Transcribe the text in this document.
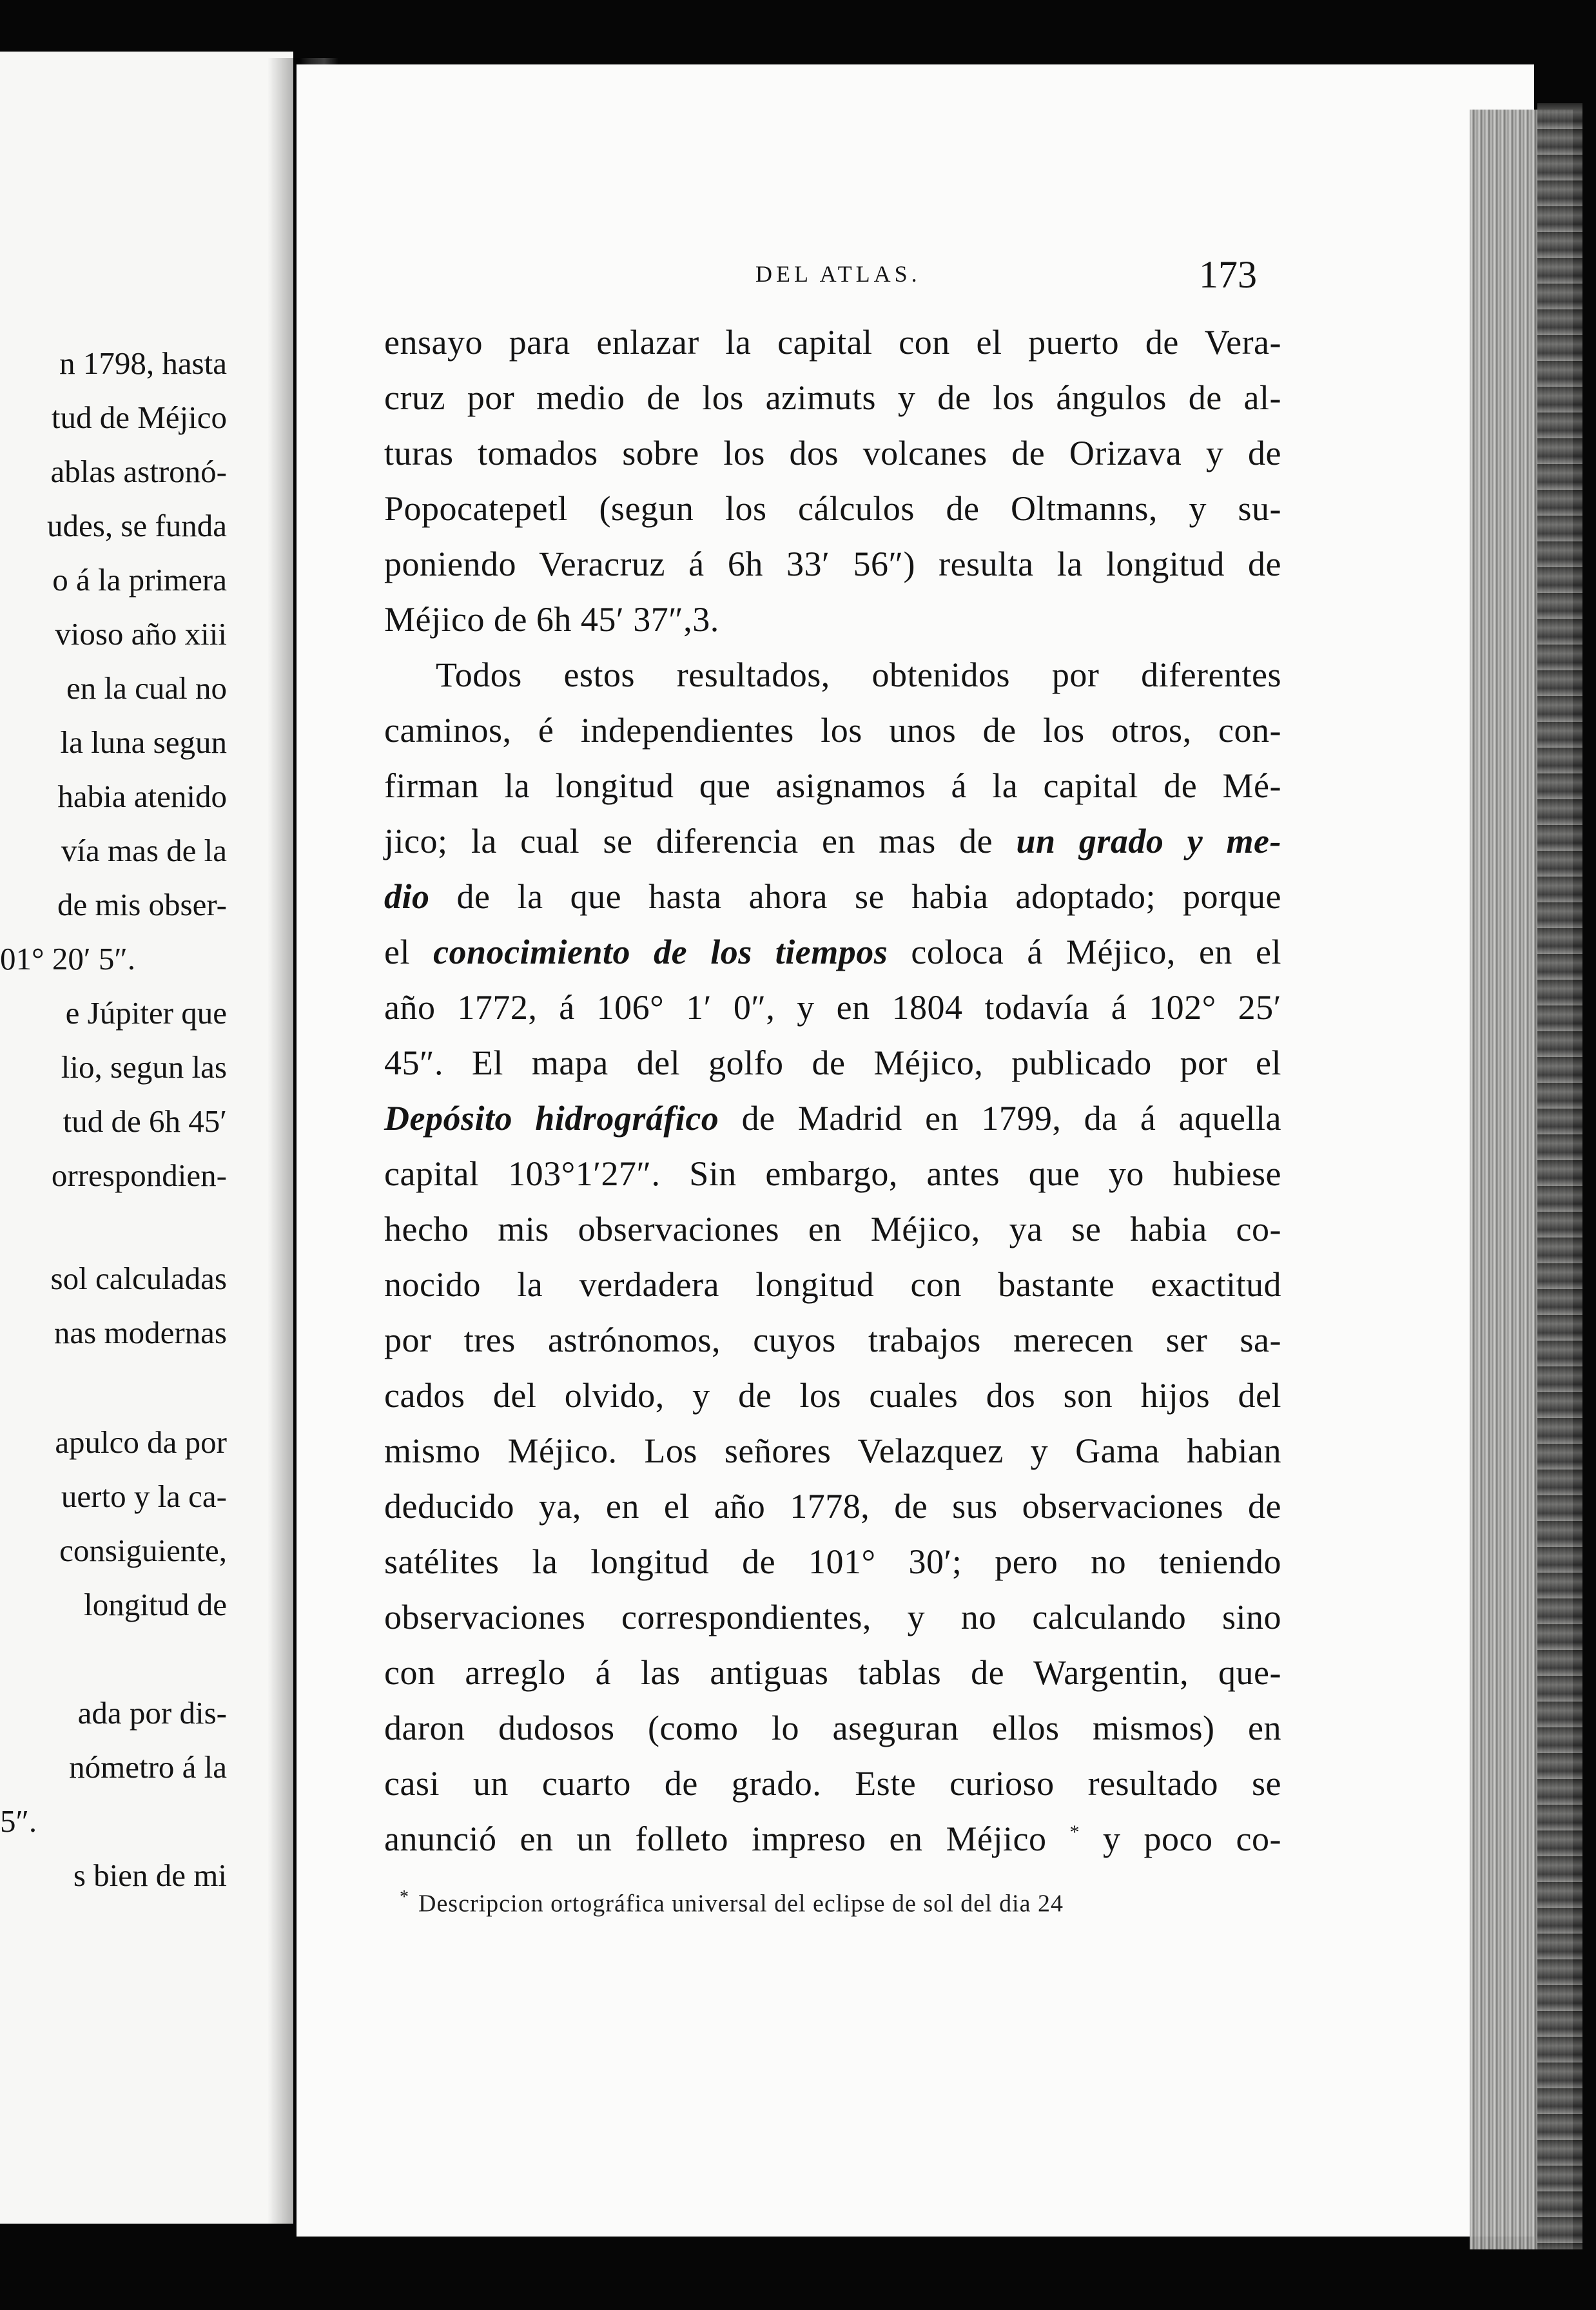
n 1798, hasta
tud de Méjico
ablas astronó-
udes, se funda
o á la primera
vioso año xiii
en la cual no
la luna segun
habia atenido
vía mas de la
de mis obser-
01° 20′ 5″.
e Júpiter que
lio, segun las
tud de 6h 45′
orrespondien-
sol calculadas
nas modernas
apulco da por
uerto y la ca-
consiguiente,
longitud de
ada por dis-
nómetro á la
5″.
s bien de mi
DEL ATLAS.	173
ensayo para enlazar la capital con el puerto de Vera-
cruz por medio de los azimuts y de los ángulos de al-
turas tomados sobre los dos volcanes de Orizava y de
Popocatepetl (segun los cálculos de Oltmanns, y su-
poniendo Veracruz á 6h 33′ 56″) resulta la longitud de
Méjico de 6h 45′ 37″,3.
Todos estos resultados, obtenidos por diferentes
caminos, é independientes los unos de los otros, con-
firman la longitud que asignamos á la capital de Mé-
jico; la cual se diferencia en mas de un grado y me-
dio de la que hasta ahora se habia adoptado; porque
el conocimiento de los tiempos coloca á Méjico, en el
año 1772, á 106° 1′ 0″, y en 1804 todavía á 102° 25′
45″. El mapa del golfo de Méjico, publicado por el
Depósito hidrográfico de Madrid en 1799, da á aquella
capital 103°1′27″. Sin embargo, antes que yo hubiese
hecho mis observaciones en Méjico, ya se habia co-
nocido la verdadera longitud con bastante exactitud
por tres astrónomos, cuyos trabajos merecen ser sa-
cados del olvido, y de los cuales dos son hijos del
mismo Méjico. Los señores Velazquez y Gama habian
deducido ya, en el año 1778, de sus observaciones de
satélites la longitud de 101° 30′; pero no teniendo
observaciones correspondientes, y no calculando sino
con arreglo á las antiguas tablas de Wargentin, que-
daron dudosos (como lo aseguran ellos mismos) en
casi un cuarto de grado. Este curioso resultado se
anunció en un folleto impreso en Méjico * y poco co-
* Descripcion ortográfica universal del eclipse de sol del dia 24
